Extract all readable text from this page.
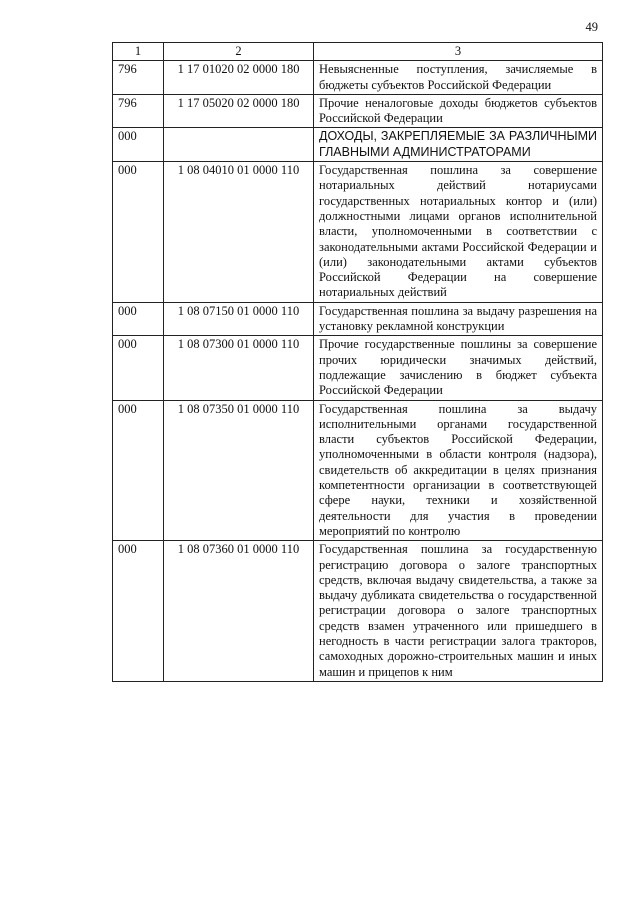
49
1	2	3
796	1 17 01020 02 0000 180	Невыясненные поступления, зачисляемые в бюджеты субъектов Российской Федерации
796	1 17 05020 02 0000 180	Прочие неналоговые доходы бюджетов субъектов Российской Федерации
000		ДОХОДЫ, ЗАКРЕПЛЯЕМЫЕ ЗА РАЗЛИЧНЫМИ ГЛАВНЫМИ АДМИНИСТРАТОРАМИ
000	1 08 04010 01 0000 110	Государственная пошлина за совершение нотариальных действий нотариусами государственных нотариальных контор и (или) должностными лицами органов исполнительной власти, уполномоченными в соответствии с законодательными актами Российской Федерации и (или) законодательными актами субъектов Российской Федерации на совершение нотариальных действий
000	1 08 07150 01 0000 110	Государственная пошлина за выдачу разрешения на установку рекламной конструкции
000	1 08 07300 01 0000 110	Прочие государственные пошлины за совершение прочих юридически значимых действий, подлежащие зачислению в бюджет субъекта Российской Федерации
000	1 08 07350 01 0000 110	Государственная пошлина за выдачу исполнительными органами государственной власти субъектов Российской Федерации, уполномоченными в области контроля (надзора), свидетельств об аккредитации в целях признания компетентности организации в соответствующей сфере науки, техники и хозяйственной деятельности для участия в проведении мероприятий по контролю
000	1 08 07360 01 0000 110	Государственная пошлина за государственную регистрацию договора о залоге транспортных средств, включая выдачу свидетельства, а также за выдачу дубликата свидетельства о государственной регистрации договора о залоге транспортных средств взамен утраченного или пришедшего в негодность в части регистрации залога тракторов, самоходных дорожно-строительных машин и иных машин и прицепов к ним
